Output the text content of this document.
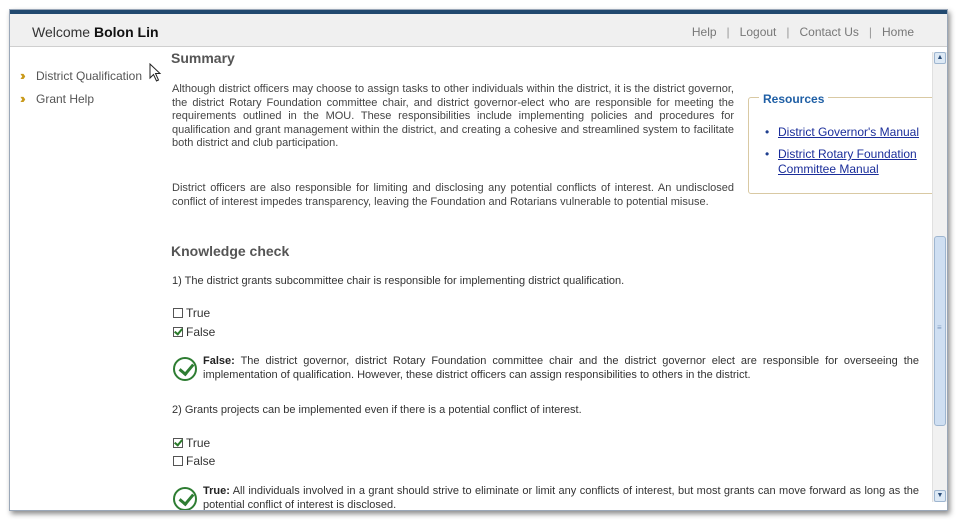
Welcome Bolon Lin	Help | Logout | Contact Us | Home
››	District Qualification
››	Grant Help
Summary

Although district officers may choose to assign tasks to other individuals within the district, it is the district governor, the district Rotary Foundation committee chair, and district governor-elect who are responsible for meeting the requirements outlined in the MOU. These responsibilities include implementing policies and procedures for qualification and grant management within the district, and creating a cohesive and streamlined system to facilitate both district and club participation.

District officers are also responsible for limiting and disclosing any potential conflicts of interest. An undisclosed conflict of interest impedes transparency, leaving the Foundation and Rotarians vulnerable to potential misuse.

Resources
• District Governor's Manual
• District Rotary Foundation Committee Manual
Knowledge check
1) The district grants subcommittee chair is responsible for implementing district qualification.
True
False
False: The district governor, district Rotary Foundation committee chair and the district governor elect are responsible for overseeing the implementation of qualification. However, these district officers can assign responsibilities to others in the district.
2) Grants projects can be implemented even if there is a potential conflict of interest.
True
False
True: All individuals involved in a grant should strive to eliminate or limit any conflicts of interest, but most grants can move forward as long as the potential conflict of interest is disclosed.
▲
≡
▼
